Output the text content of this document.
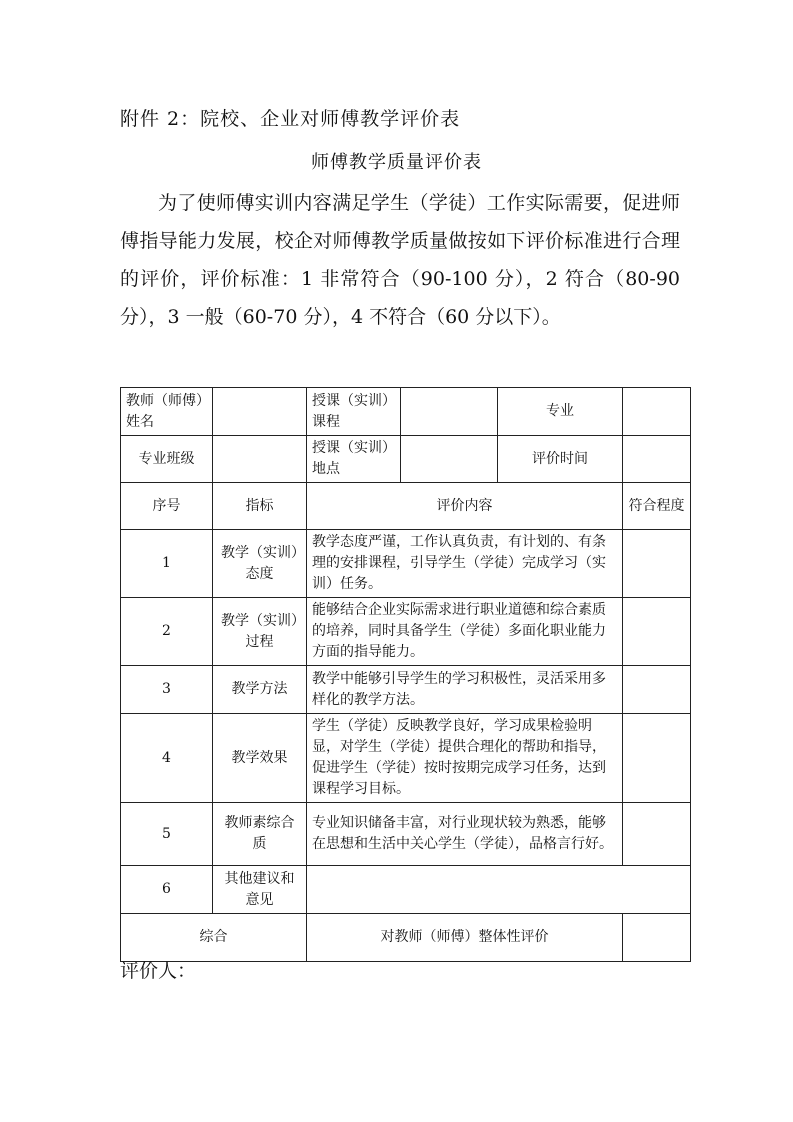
附件 2：院校、企业对师傅教学评价表
师傅教学质量评价表

为了使师傅实训内容满足学生（学徒）工作实际需要，促进师傅指导能力发展，校企对师傅教学质量做按如下评价标准进行合理的评价，评价标准：1 非常符合（90-100 分），2 符合（80-90 分），3 一般（60-70 分），4 不符合（60 分以下）。

教师（师傅）姓名		授课（实训）课程		专业	
专业班级		授课（实训）地点		评价时间	
序号	指标	评价内容			符合程度
1	教学（实训）态度	教学态度严谨，工作认真负责，有计划的、有条理的安排课程，引导学生（学徒）完成学习（实训）任务。			
2	教学（实训）过程	能够结合企业实际需求进行职业道德和综合素质的培养，同时具备学生（学徒）多面化职业能力方面的指导能力。			
3	教学方法	教学中能够引导学生的学习积极性，灵活采用多样化的教学方法。			
4	教学效果	学生（学徒）反映教学良好，学习成果检验明显，对学生（学徒）提供合理化的帮助和指导，促进学生（学徒）按时按期完成学习任务，达到课程学习目标。			
5	教师素综合质	专业知识储备丰富，对行业现状较为熟悉，能够在思想和生活中关心学生（学徒），品格言行好。			
6	其他建议和意见				
综合		对教师（师傅）整体性评价			
评价人：
